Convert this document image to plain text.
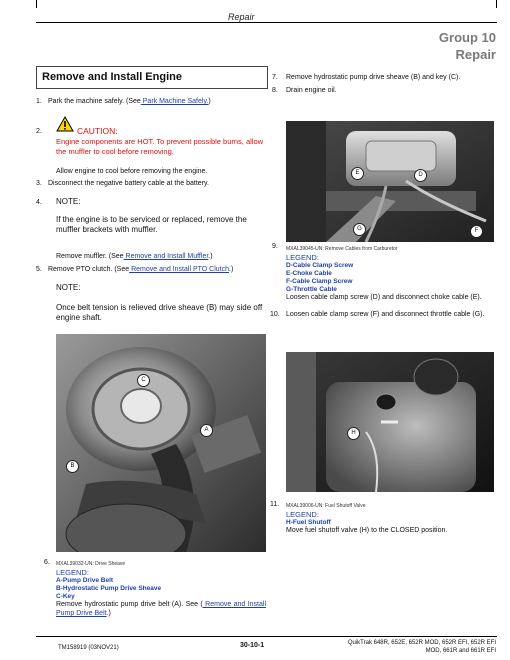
Repair
Group 10
Repair
Remove and Install Engine
1. Park the machine safely. (See Park Machine Safely.)
2.	CAUTION:
Engine components are HOT. To prevent possible burns, allow the muffler to cool before removing.
Allow engine to cool before removing the engine.
3. Disconnect the negative battery cable at the battery.
4. NOTE:
If the engine is to be serviced or replaced, remove the muffler brackets with muffler.
Remove muffler. (See Remove and Install Muffler.)
5. Remove PTO clutch. (See Remove and Install PTO Clutch.)
NOTE:
Once belt tension is relieved drive sheave (B) may side off engine shaft.
C
A
B
6. MXAL39032-UN: Drive Sheave
LEGEND:
A-Pump Drive Belt
B-Hydrostatic Pump Drive Sheave
C-Key
Remove hydrostatic pump drive belt (A). See ( Remove and Install Pump Drive Belt.)
7. Remove hydrostatic pump drive sheave (B) and key (C).
8. Drain engine oil.
E	D
G	F
9. MXAL39045-UN: Remove Cables from Carburetor
LEGEND:
D-Cable Clamp Screw
E-Choke Cable
F-Cable Clamp Screw
G-Throttle Cable
Loosen cable clamp screw (D) and disconnect choke cable (E).
10. Loosen cable clamp screw (F) and disconnect throttle cable (G).
H
11. MXAL39006-UN: Fuel Shutoff Valve
LEGEND:
H-Fuel Shutoff
Move fuel shutoff valve (H) to the CLOSED position.
TM158919 (03NOV21)	30-10-1	QuikTrak 648R, 652E, 652R MOD, 652R EFI, 652R EFI
MOD, 661R and 661R EFI
